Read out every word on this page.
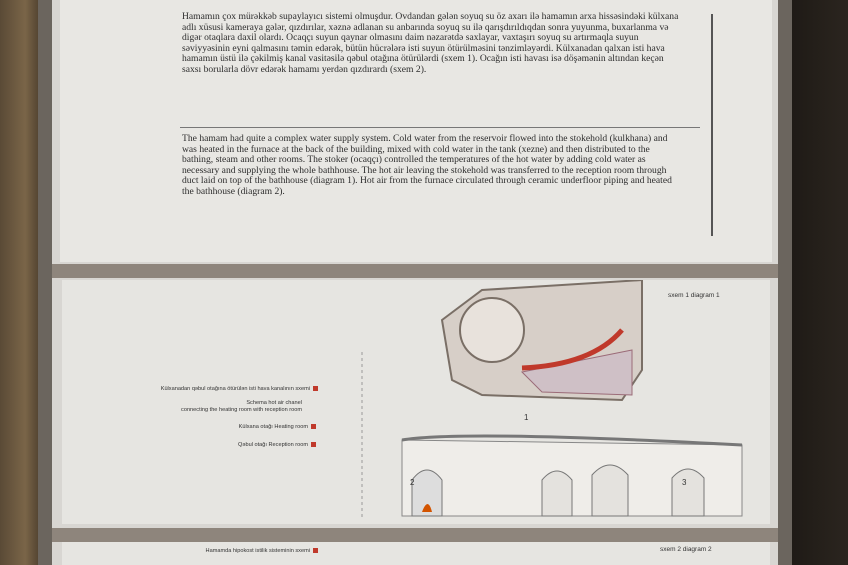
Hamamın çox mürəkkəb supaylayıcı sistemi olmuşdur. Ovdandan gələn soyuq su öz axarı ilə hamamın arxa hissəsindəki külxana adlı xüsusi kameraya gələr, qızdırılar, xəznə adlanan su anbarında soyuq su ilə qarışdırıldıqdan sonra yuyunma, buxarlanma və digər otaqlara daxil olardı. Ocaqçı suyun qaynar olmasını daim nəzarətdə saxlayar, vaxtaşırı soyuq su artırmaqla suyun səviyyəsinin eyni qalmasını təmin edərək, bütün hücrələrə isti suyun ötürülməsini tənzimləyərdi. Külxanadan qalxan isti hava hamamın üstü ilə çəkilmiş kanal vasitəsilə qəbul otağına ötürülərdi (sxem 1). Ocağın isti havası isə döşəmənin altından keçən saxsı borularla dövr edərək hamamı yerdən qızdırardı (sxem 2).

The hamam had quite a complex water supply system. Cold water from the reservoir flowed into the stokehold (kulkhana) and was heated in the furnace at the back of the building, mixed with cold water in the tank (xezne) and then distributed to the bathing, steam and other rooms. The stoker (ocaqçı) controlled the temperatures of the hot water by adding cold water as necessary and supplying the whole bathhouse. The hot air leaving the stokehold was transferred to the reception room through duct laid on top of the bathhouse (diagram 1). Hot air from the furnace circulated through ceramic underfloor piping and heated the bathhouse (diagram 2).

sxem 1 diagram 1
Külxanadan qəbul otağına ötürülən isti hava kanalının sxemi
Schema hot air chanel
connecting the heating room with reception room
Külxana otağı Heating room
Qəbul otağı Reception room
1
2	3
Hamamda hipokost istilik sisteminin sxemi	sxem 2 diagram 2
